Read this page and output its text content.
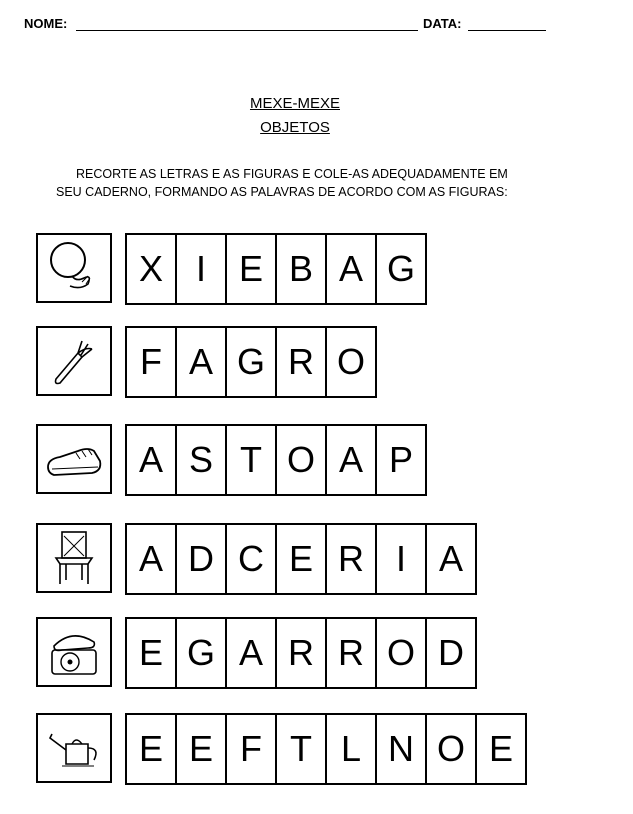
NOME:	DATA:
MEXE-MEXE
OBJETOS
RECORTE AS LETRAS E AS FIGURAS E COLE-AS ADEQUADAMENTE EM
SEU CADERNO, FORMANDO AS PALAVRAS DE ACORDO COM AS FIGURAS:
X I E B A G
F A G R O
A S T O A P
A D C E R I A
E G A R R O D
E E F T L N O E
